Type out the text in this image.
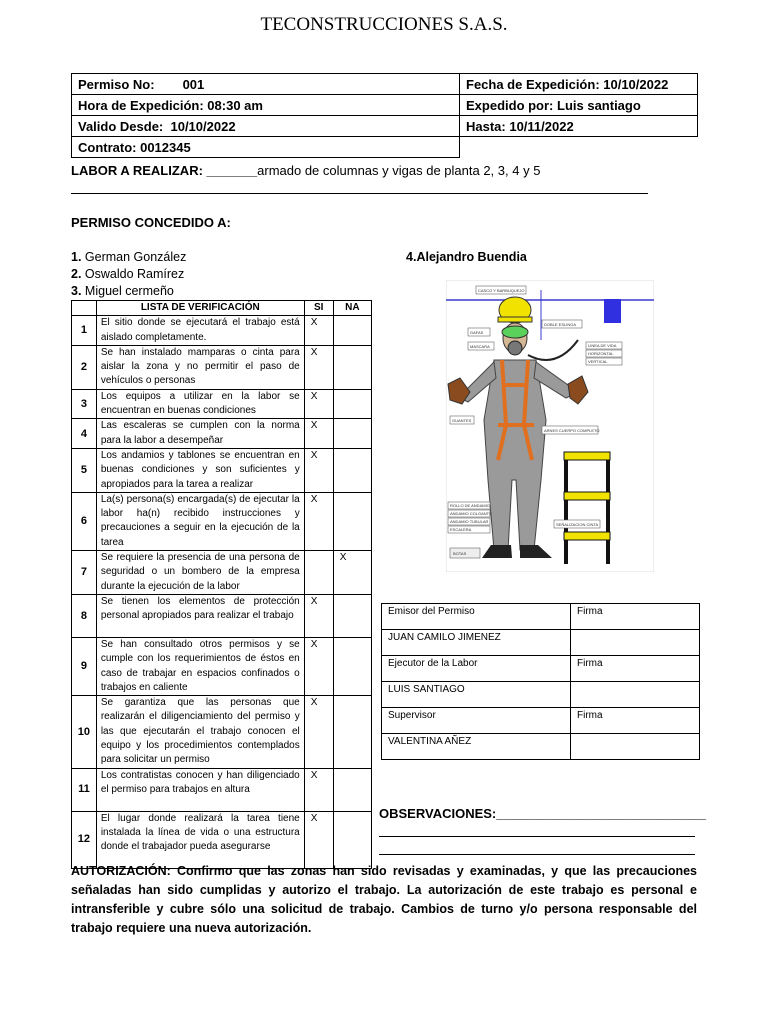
TECONSTRUCCIONES S.A.S.
Permiso No: 001	Fecha de Expedición: 10/10/2022
Hora de Expedición: 08:30 am	Expedido por: Luis santiago
Valido Desde: 10/10/2022	Hasta: 10/11/2022
Contrato: 0012345	
LABOR A REALIZAR: _______armado de columnas y vigas de planta 2, 3, 4 y 5
PERMISO CONCEDIDO A:
1. German González
2. Oswaldo Ramírez
3. Miguel cermeño
4.Alejandro Buendia
	LISTA DE VERIFICACIÓN	SI	NA
1	El sitio donde se ejecutará el trabajo está aislado completamente.	X	
2	Se han instalado mamparas o cinta para aislar la zona y no permitir el paso de vehículos o personas	X	
3	Los equipos a utilizar en la labor se encuentran en buenas condiciones	X	
4	Las escaleras se cumplen con la norma para la labor a desempeñar	X	
5	Los andamios y tablones se encuentran en buenas condiciones y son suficientes y apropiados para la tarea a realizar	X	
6	La(s) persona(s) encargada(s) de ejecutar la labor ha(n) recibido instrucciones y precauciones a seguir en la ejecución de la tarea	X	
7	Se requiere la presencia de una persona de seguridad o un bombero de la empresa durante la ejecución de la labor		X
8	Se tienen los elementos de protección personal apropiados para realizar el trabajo	X	
9	Se han consultado otros permisos y se cumple con los requerimientos de éstos en caso de trabajar en espacios confinados o trabajos en caliente	X	
10	Se garantiza que las personas que realizarán el diligenciamiento del permiso y las que ejecutarán el trabajo conocen el equipo y los procedimientos contemplados para solicitar un permiso	X	
11	Los contratistas conocen y han diligenciado el permiso para trabajos en altura	X	
12	El lugar donde realizará la tarea tiene instalada la línea de vida o una estructura donde el trabajador pueda asegurarse	X	
CASCO Y BARBUQUEJO
GAFAS
MASCARA
DOBLE ESLINGA
LINEA DE VIDA
HORIZONTAL
VERTICAL
GUANTES
ARNES CUERPO COMPLETO
ROLLO DE ANDAMIO
ANDAMIO COLGANTE
ANDAMIO TUBULAR
ESCALERA
SEÑALIZACION CINTA
BOTAS
Emisor del Permiso	Firma
JUAN CAMILO JIMENEZ	
Ejecutor de la Labor	Firma
LUIS SANTIAGO	
Supervisor	Firma
VALENTINA AÑEZ	
OBSERVACIONES:_____________________________
AUTORIZACIÓN: Confirmo que las zonas han sido revisadas y examinadas, y que las precauciones señaladas han sido cumplidas y autorizo el trabajo. La autorización de este trabajo es personal e intransferible y cubre sólo una solicitud de trabajo. Cambios de turno y/o persona responsable del trabajo requiere una nueva autorización.
